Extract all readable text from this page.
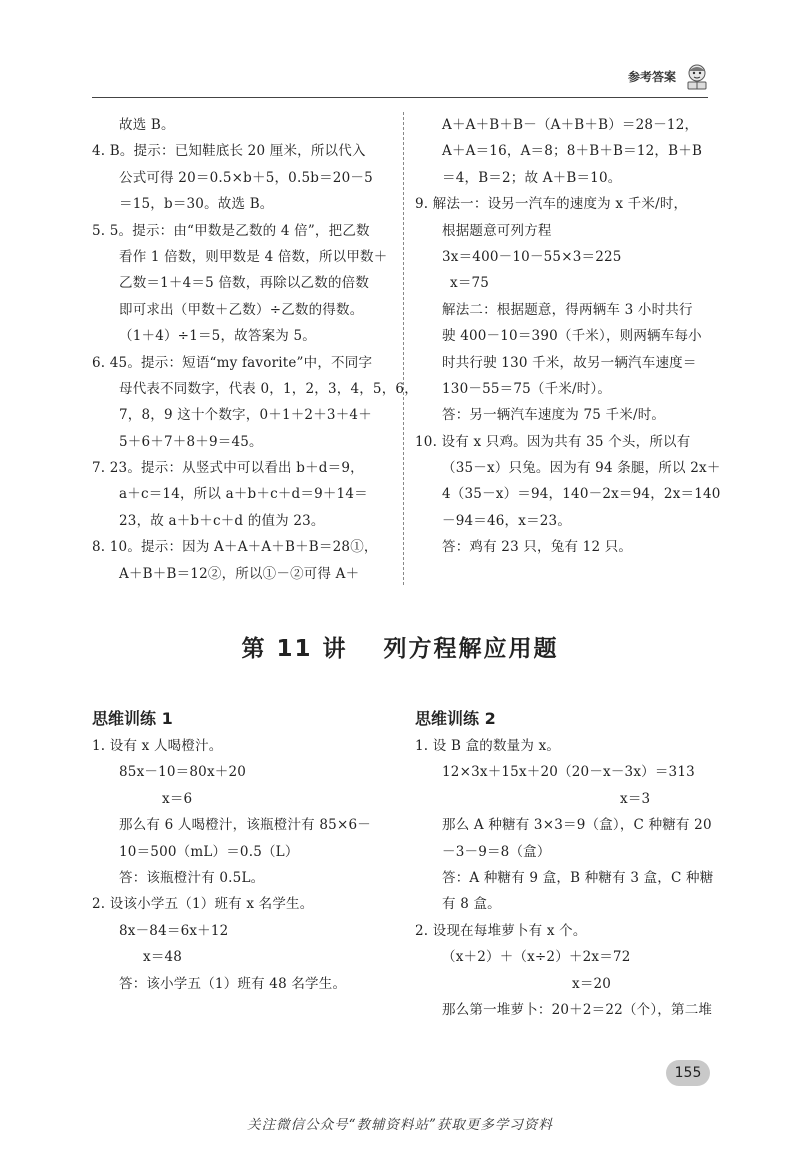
参考答案
故选 B。
4. B。提示：已知鞋底长 20 厘米，所以代入
公式可得 20＝0.5×b＋5，0.5b＝20－5
＝15，b＝30。故选 B。
5. 5。提示：由“甲数是乙数的 4 倍”，把乙数
看作 1 倍数，则甲数是 4 倍数，所以甲数＋
乙数＝1＋4＝5 倍数，再除以乙数的倍数
即可求出（甲数＋乙数）÷乙数的得数。
（1＋4）÷1＝5，故答案为 5。
6. 45。提示：短语“my favorite”中，不同字
母代表不同数字，代表 0，1，2，3，4，5，6，
7，8，9 这十个数字，0＋1＋2＋3＋4＋
5＋6＋7＋8＋9＝45。
7. 23。提示：从竖式中可以看出 b＋d＝9，
a＋c＝14，所以 a＋b＋c＋d＝9＋14＝
23，故 a＋b＋c＋d 的值为 23。
8. 10。提示：因为 A＋A＋A＋B＋B＝28①，
A＋B＋B＝12②，所以①－②可得 A＋
A＋A＋B＋B－（A＋B＋B）＝28－12，
A＋A＝16，A＝8；8＋B＋B＝12，B＋B
＝4，B＝2；故 A＋B＝10。
9. 解法一：设另一汽车的速度为 x 千米/时，
根据题意可列方程
3x＝400－10－55×3＝225
x＝75
解法二：根据题意，得两辆车 3 小时共行
驶 400－10＝390（千米），则两辆车每小
时共行驶 130 千米，故另一辆汽车速度＝
130－55＝75（千米/时）。
答：另一辆汽车速度为 75 千米/时。
10. 设有 x 只鸡。因为共有 35 个头，所以有
（35－x）只兔。因为有 94 条腿，所以 2x＋
4（35－x）＝94，140－2x＝94，2x＝140
－94＝46，x＝23。
答：鸡有 23 只，兔有 12 只。
第 11 讲 列方程解应用题
思维训练 1
1. 设有 x 人喝橙汁。
85x－10＝80x＋20
x＝6
那么有 6 人喝橙汁，该瓶橙汁有 85×6－
10＝500（mL）＝0.5（L）
答：该瓶橙汁有 0.5L。
2. 设该小学五（1）班有 x 名学生。
8x－84＝6x＋12
x＝48
答：该小学五（1）班有 48 名学生。
思维训练 2
1. 设 B 盒的数量为 x。
12×3x＋15x＋20（20－x－3x）＝313
x＝3
那么 A 种糖有 3×3＝9（盒），C 种糖有 20
－3－9＝8（盒）
答：A 种糖有 9 盒，B 种糖有 3 盒，C 种糖
有 8 盒。
2. 设现在每堆萝卜有 x 个。
（x＋2）＋（x÷2）＋2x＝72
x＝20
那么第一堆萝卜：20＋2＝22（个），第二堆
155
关注微信公众号“教辅资料站”获取更多学习资料
